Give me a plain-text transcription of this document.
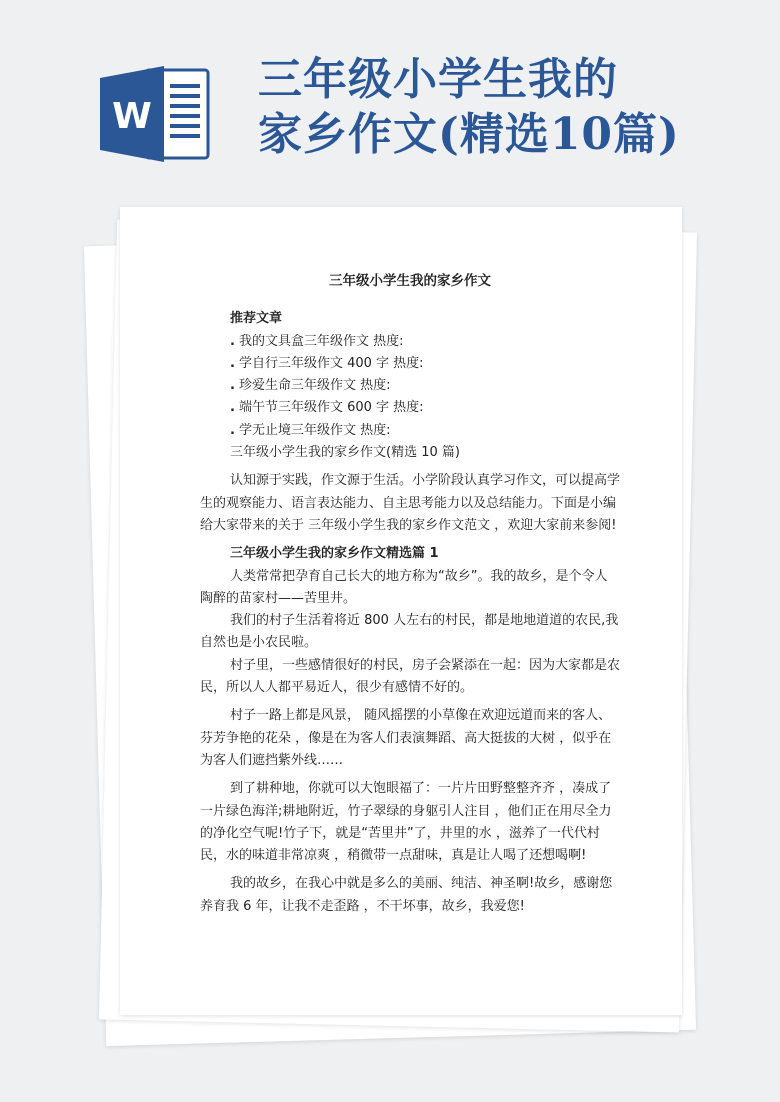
W
三年级小学生我的
家乡作文(精选10篇)

三年级小学生我的家乡作文

推荐文章

. 我的文具盒三年级作文 热度:
. 学自行三年级作文 400 字 热度:
. 珍爱生命三年级作文 热度:
. 端午节三年级作文 600 字 热度:
. 学无止境三年级作文 热度:

三年级小学生我的家乡作文(精选 10 篇)

认知源于实践，作文源于生活。小学阶段认真学习作文，可以提高学生的观察能力、语言表达能力、自主思考能力以及总结能力。下面是小编给大家带来的关于 三年级小学生我的家乡作文范文 ，欢迎大家前来参阅!

三年级小学生我的家乡作文精选篇 1

人类常常把孕育自己长大的地方称为“故乡”。我的故乡，是个令人陶醉的苗家村——苦里井。

我们的村子生活着将近 800 人左右的村民，都是地地道道的农民,我自然也是小农民啦。

村子里，一些感情很好的村民，房子会紧添在一起：因为大家都是农民，所以人人都平易近人，很少有感情不好的。

村子一路上都是风景， 随风摇摆的小草像在欢迎远道而来的客人、芬芳争艳的花朵 ，像是在为客人们表演舞蹈、高大挺拔的大树 ，似乎在为客人们遮挡紫外线……

到了耕种地，你就可以大饱眼福了：一片片田野整整齐齐 ，凑成了一片绿色海洋;耕地附近，竹子翠绿的身躯引人注目 ，他们正在用尽全力的净化空气呢!竹子下，就是“苦里井”了，井里的水 ，滋养了一代代村民，水的味道非常凉爽 ，稍微带一点甜味，真是让人喝了还想喝啊!

我的故乡，在我心中就是多么的美丽、纯洁、神圣啊!故乡，感谢您养育我 6 年，让我不走歪路 ，不干坏事，故乡，我爱您!
